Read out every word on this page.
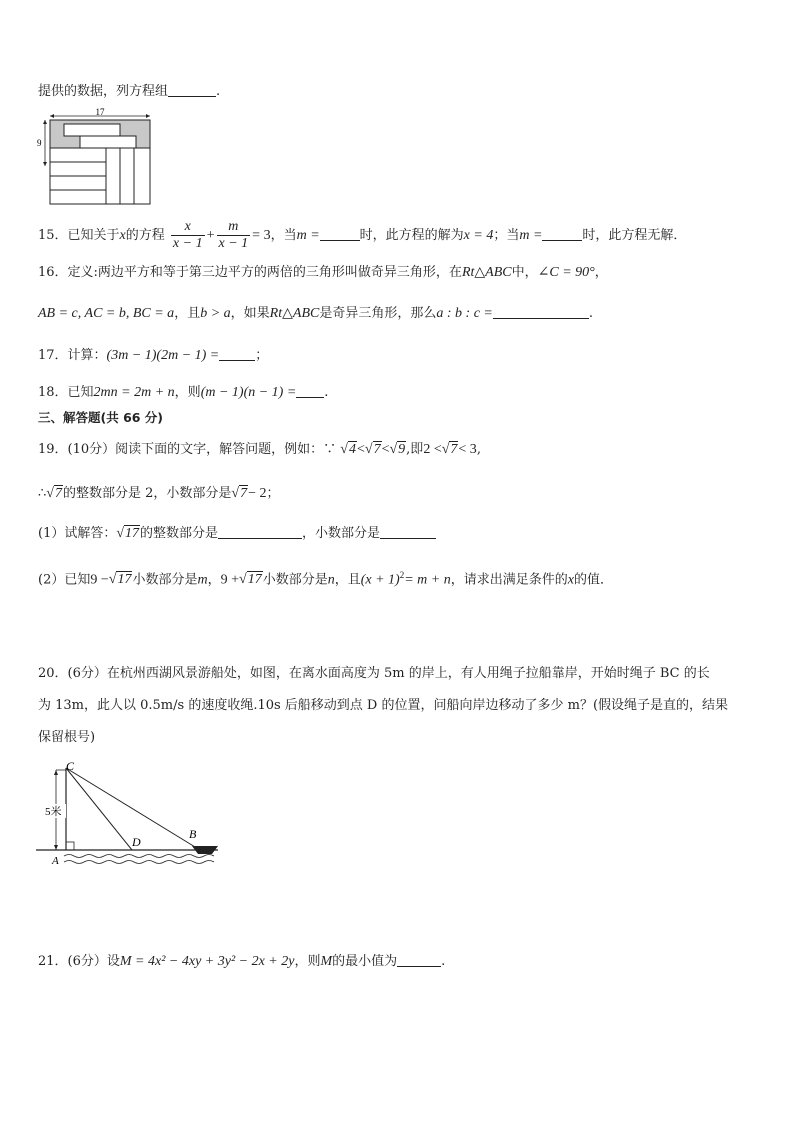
提供的数据，列方程组	.
17
9
15．已知关于x的方程 $\frac{x}{x - 1} + \frac{m}{x - 1} = 3$，当m =	时，此方程的解为x = 4；当m =	时，此方程无解．
16．定义:两边平方和等于第三边平方的两倍的三角形叫做奇异三角形，在Rt△ABC中，∠C = 90°，
AB = c, AC = b, BC = a，且b > a，如果Rt△ABC是奇异三角形，那么a : b : c =	.
17．计算：(3m − 1)(2m − 1) =	；
18．已知2mn = 2m + n，则(m − 1)(n − 1) = .
三、解答题(共 66 分)
19．(10分）阅读下面的文字，解答问题，例如：∵ √ 4< √ 7< √ 9,即2 < √ 7< 3,
∴ √ 7的整数部分是 2，小数部分是 √ 7− 2；
(1）试解答： √ 17的整数部分是	，小数部分是
(2）已知9 − √ 17小数部分是m，9 + √ 17小数部分是n，且$(x + 1)^2= m + n$，请求出满足条件的x的值．
20．(6分）在杭州西湖风景游船处，如图，在离水面高度为 5m 的岸上，有人用绳子拉船靠岸，开始时绳子 BC 的长
为 13m，此人以 0.5m/s 的速度收绳.10s 后船移动到点 D 的位置，问船向岸边移动了多少 m？(假设绳子是直的，结果
保留根号)
5米
C
A
D
B
21．(6分）设M = 4x² − 4xy + 3y² − 2x + 2y，则M的最小值为	.
